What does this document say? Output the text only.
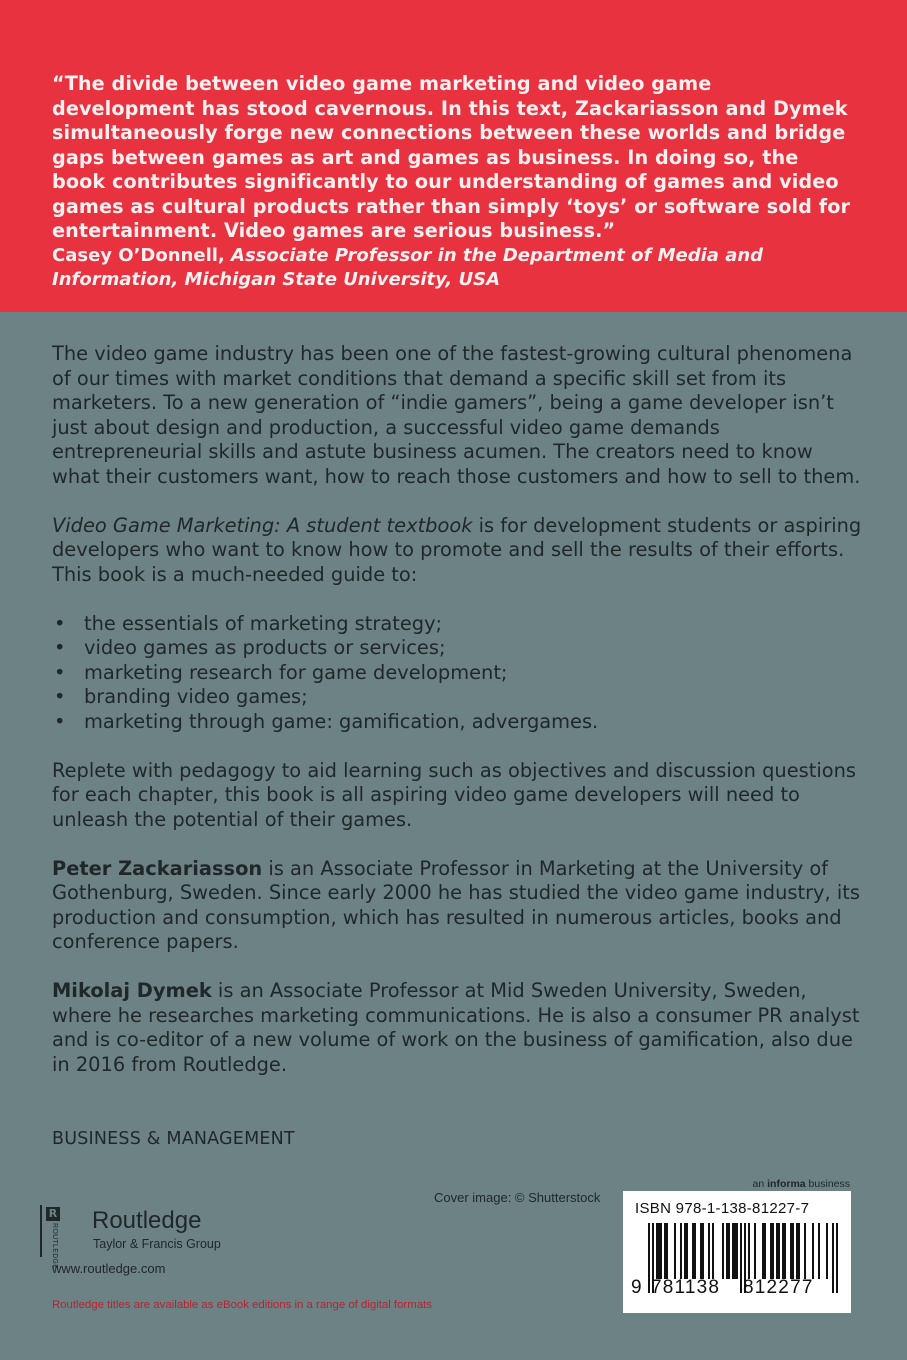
“The divide between video game marketing and video game development has stood cavernous. In this text, Zackariasson and Dymek simultaneously forge new connections between these worlds and bridge gaps between games as art and games as business. In doing so, the book contributes significantly to our understanding of games and video games as cultural products rather than simply ‘toys’ or software sold for entertainment. Video games are serious business.”

Casey O’Donnell, Associate Professor in the Department of Media and Information, Michigan State University, USA

The video game industry has been one of the fastest-growing cultural phenomena of our times with market conditions that demand a specific skill set from its marketers. To a new generation of “indie gamers”, being a game developer isn’t just about design and production, a successful video game demands entrepreneurial skills and astute business acumen. The creators need to know what their customers want, how to reach those customers and how to sell to them.

Video Game Marketing: A student textbook is for development students or aspiring developers who want to know how to promote and sell the results of their efforts. This book is a much-needed guide to:

• the essentials of marketing strategy;
• video games as products or services;
• marketing research for game development;
• branding video games;
• marketing through game: gamification, advergames.

Replete with pedagogy to aid learning such as objectives and discussion questions for each chapter, this book is all aspiring video game developers will need to unleash the potential of their games.

Peter Zackariasson is an Associate Professor in Marketing at the University of Gothenburg, Sweden. Since early 2000 he has studied the video game industry, its production and consumption, which has resulted in numerous articles, books and conference papers.

Mikolaj Dymek is an Associate Professor at Mid Sweden University, Sweden, where he researches marketing communications. He is also a consumer PR analyst and is co-editor of a new volume of work on the business of gamification, also due in 2016 from Routledge.

BUSINESS & MANAGEMENT
R
ROUTLEDGE
Routledge
Taylor & Francis Group
www.routledge.com
Routledge titles are available as eBook editions in a range of digital formats
an informa business
Cover image: © Shutterstock
ISBN 978-1-138-81227-7
9 781138 812277
